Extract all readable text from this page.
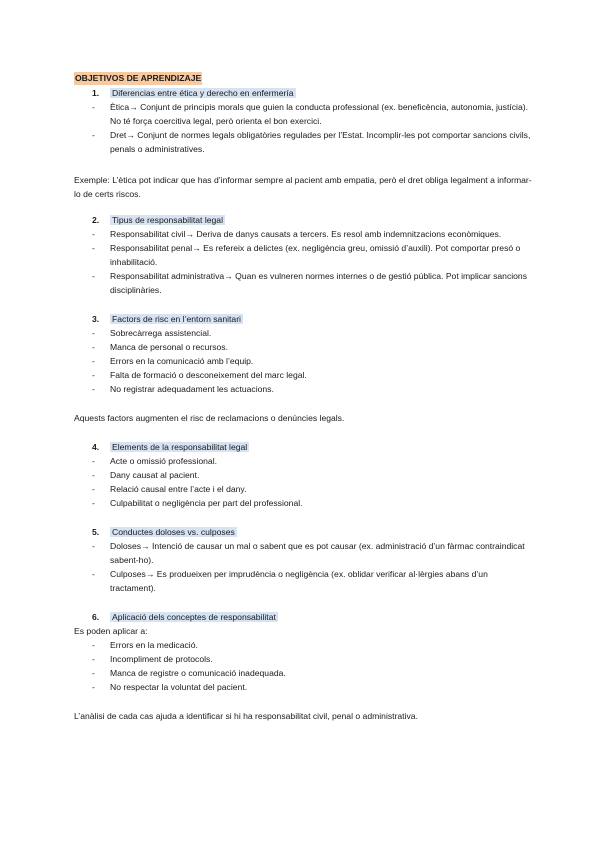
OBJETIVOS DE APRENDIZAJE
1. Diferencias entre ética y derecho en enfermería
- Ètica→ Conjunt de principis morals que guien la conducta professional (ex. beneficència, autonomia, justícia). No té força coercitiva legal, però orienta el bon exercici.
- Dret→ Conjunt de normes legals obligatòries regulades per l’Estat. Incomplir-les pot comportar sancions civils, penals o administratives.
Exemple: L’ètica pot indicar que has d’informar sempre al pacient amb empatia, però el dret obliga legalment a informar-lo de certs riscos.
2. Tipus de responsabilitat legal
- Responsabilitat civil→ Deriva de danys causats a tercers. Es resol amb indemnitzacions econòmiques.
- Responsabilitat penal→ Es refereix a delictes (ex. negligència greu, omissió d’auxili). Pot comportar presó o inhabilitació.
- Responsabilitat administrativa→ Quan es vulneren normes internes o de gestió pública. Pot implicar sancions disciplinàries.
3. Factors de risc en l’entorn sanitari
- Sobrecàrrega assistencial.
- Manca de personal o recursos.
- Errors en la comunicació amb l’equip.
- Falta de formació o desconeixement del marc legal.
- No registrar adequadament les actuacions.
Aquests factors augmenten el risc de reclamacions o denúncies legals.
4. Elements de la responsabilitat legal
- Acte o omissió professional.
- Dany causat al pacient.
- Relació causal entre l’acte i el dany.
- Culpabilitat o negligència per part del professional.
5. Conductes doloses vs. culposes
- Doloses→ Intenció de causar un mal o sabent que es pot causar (ex. administració d’un fàrmac contraindicat sabent-ho).
- Culposes→ Es produeixen per imprudència o negligència (ex. oblidar verificar al·lèrgies abans d’un tractament).
6. Aplicació dels conceptes de responsabilitat
Es poden aplicar a:
- Errors en la medicació.
- Incompliment de protocols.
- Manca de registre o comunicació inadequada.
- No respectar la voluntat del pacient.
L’anàlisi de cada cas ajuda a identificar si hi ha responsabilitat civil, penal o administrativa.
